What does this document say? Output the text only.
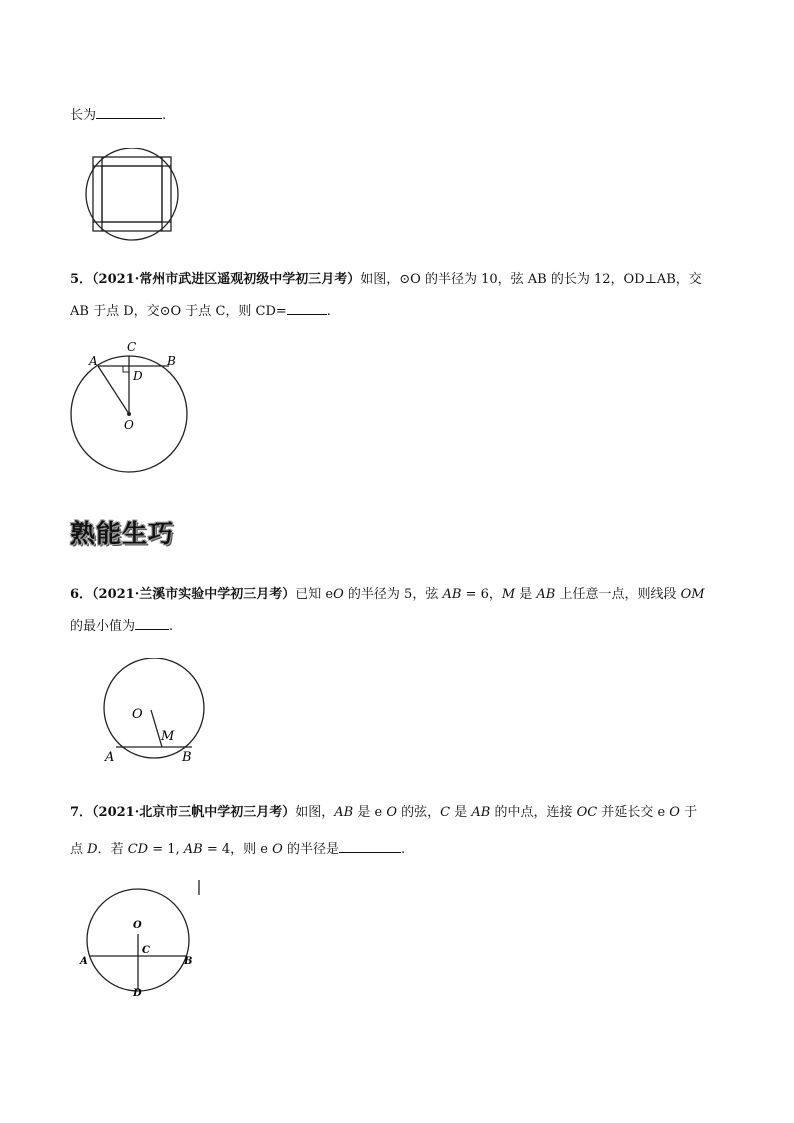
长为	.
5．（2021·常州市武进区遥观初级中学初三月考）如图，⊙O 的半径为 10，弦 AB 的长为 12，OD⊥AB，交
AB 于点 D，交⊙O 于点 C，则 CD=	.
A	B
C
D
O
熟能生巧
6．（2021·兰溪市实验中学初三月考）已知 eO 的半径为 5，弦 AB = 6，M 是 AB 上任意一点，则线段 OM
的最小值为	.
O
M
A	B
7．（2021·北京市三帆中学初三月考）如图，AB 是 e O 的弦，C 是 AB 的中点，连接 OC 并延长交 e O 于
点 D．若 CD = 1, AB = 4，则 e O 的半径是	.
O
C
A	B
D
